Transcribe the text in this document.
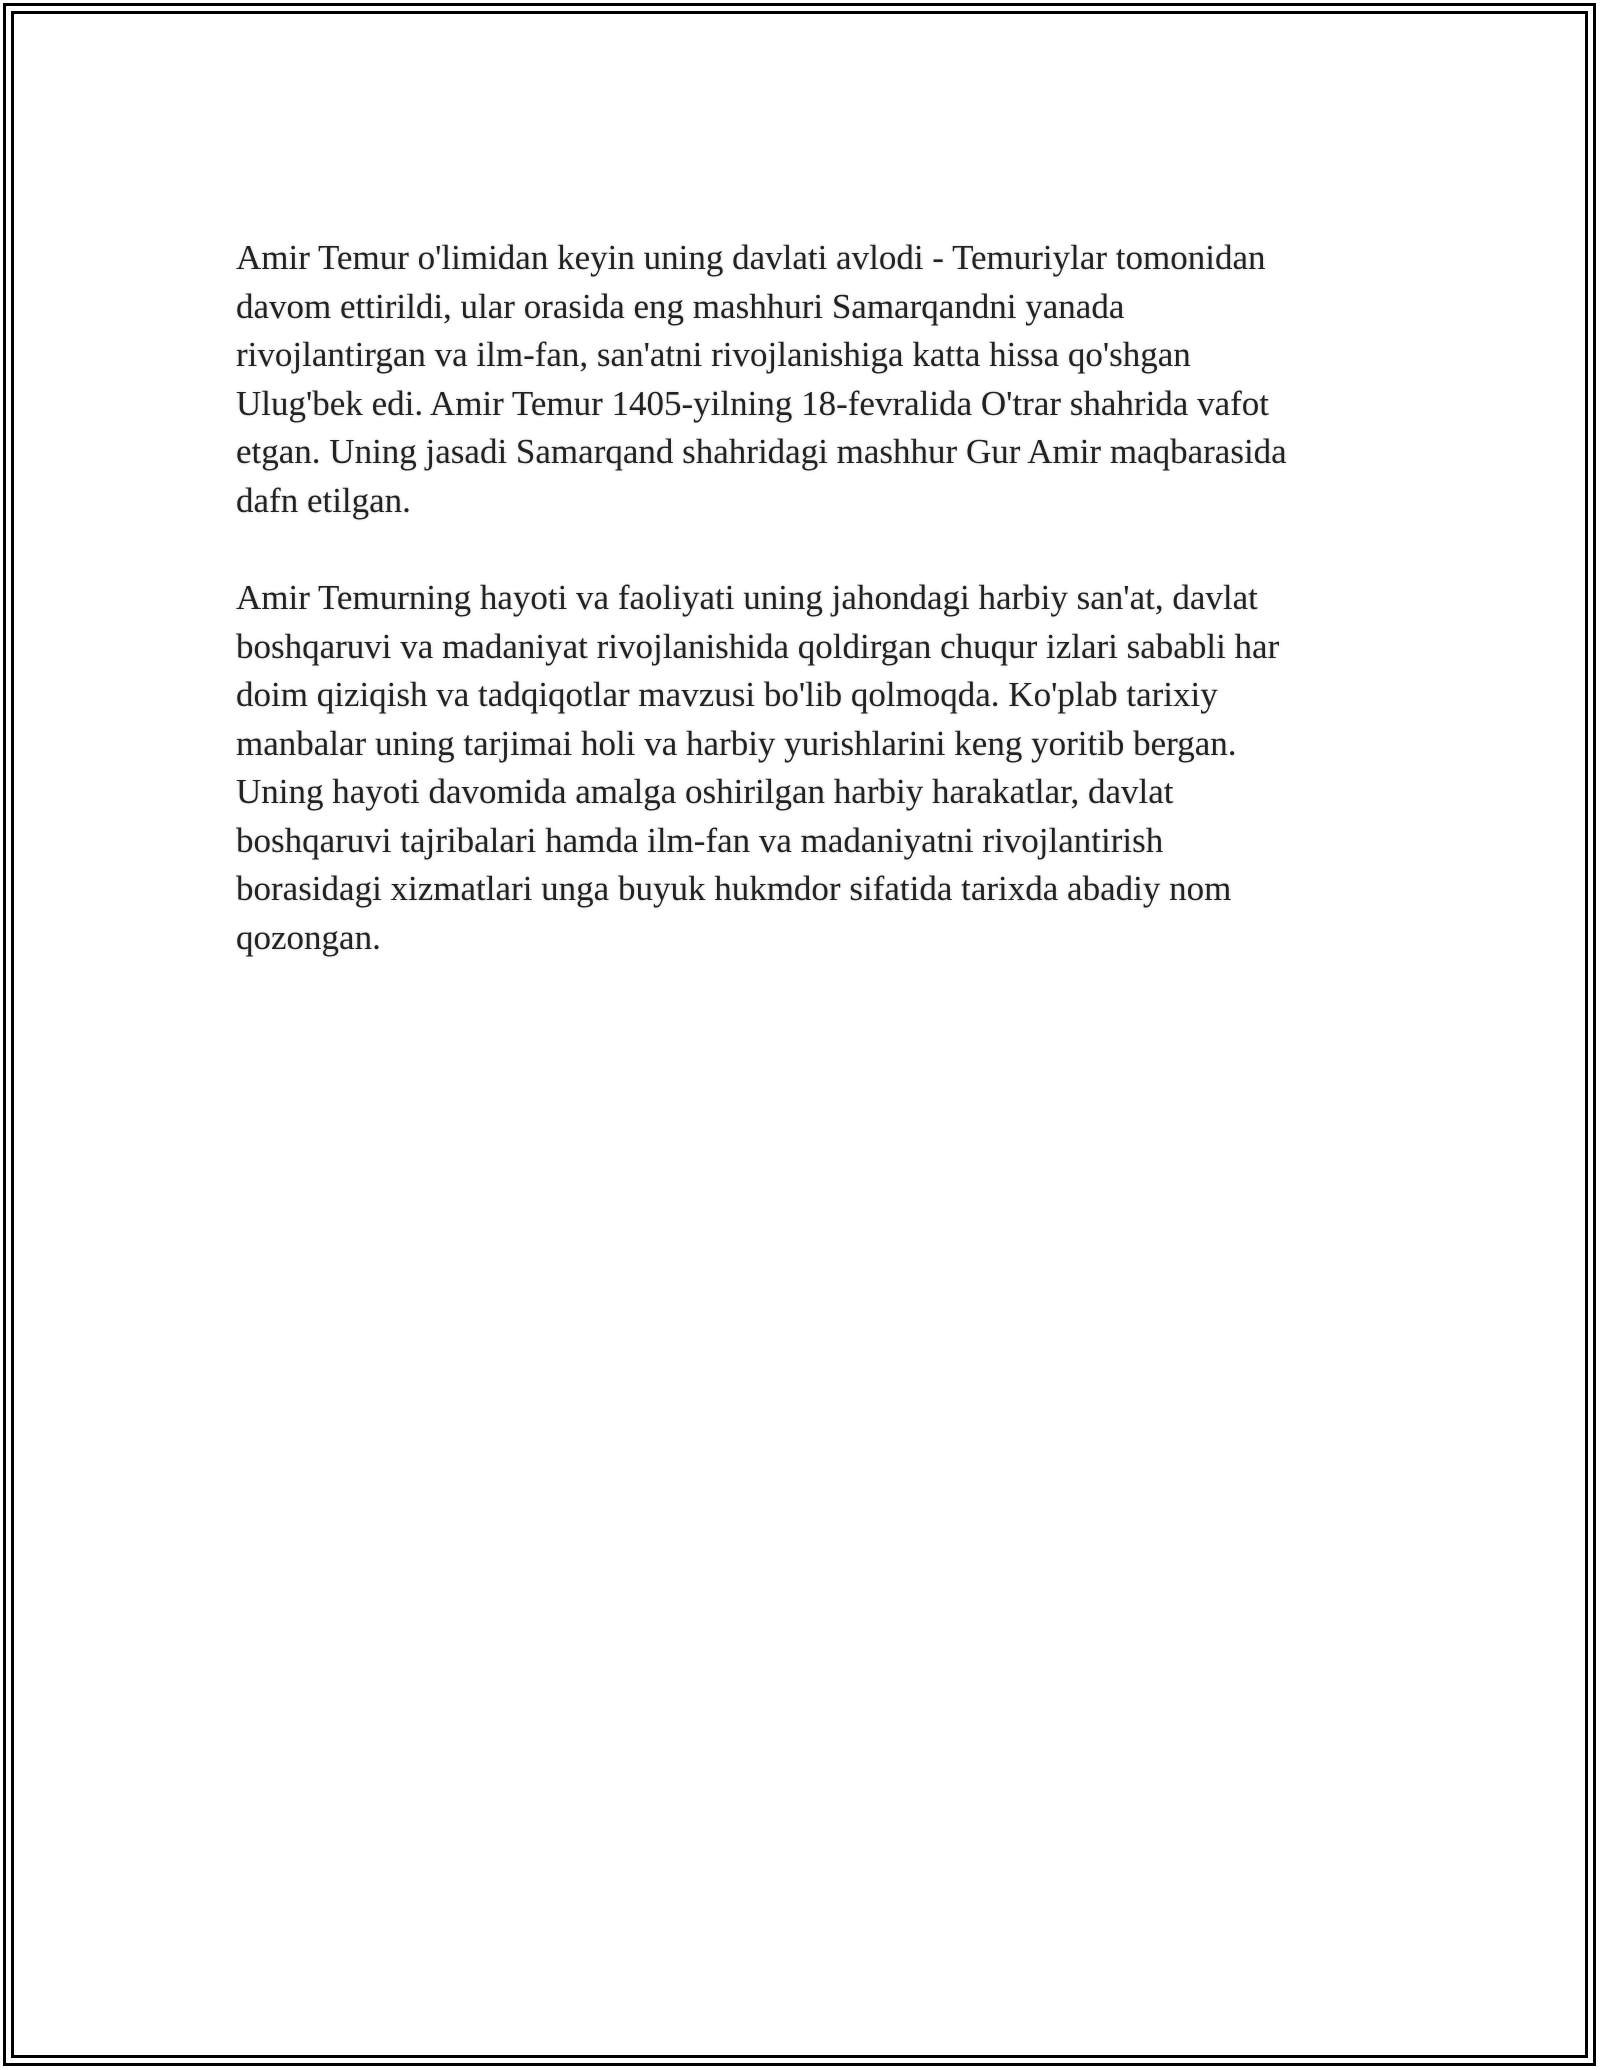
Amir Temur o'limidan keyin uning davlati avlodi - Temuriylar tomonidan
davom ettirildi, ular orasida eng mashhuri Samarqandni yanada
rivojlantirgan va ilm-fan, san'atni rivojlanishiga katta hissa qo'shgan
Ulug'bek edi. Amir Temur 1405-yilning 18-fevralida O'trar shahrida vafot
etgan. Uning jasadi Samarqand shahridagi mashhur Gur Amir maqbarasida
dafn etilgan.

Amir Temurning hayoti va faoliyati uning jahondagi harbiy san'at, davlat
boshqaruvi va madaniyat rivojlanishida qoldirgan chuqur izlari sababli har
doim qiziqish va tadqiqotlar mavzusi bo'lib qolmoqda. Ko'plab tarixiy
manbalar uning tarjimai holi va harbiy yurishlarini keng yoritib bergan.
Uning hayoti davomida amalga oshirilgan harbiy harakatlar, davlat
boshqaruvi tajribalari hamda ilm-fan va madaniyatni rivojlantirish
borasidagi xizmatlari unga buyuk hukmdor sifatida tarixda abadiy nom
qozongan.
